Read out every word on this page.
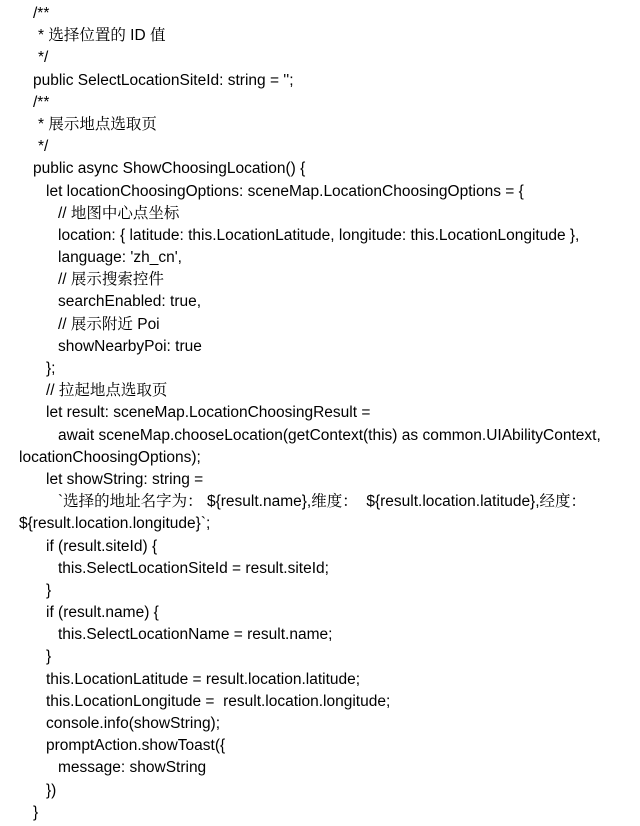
/**
* 选择位置的 ID 值
*/
public SelectLocationSiteId: string = '';
/**
* 展示地点选取页
*/
public async ShowChoosingLocation() {
let locationChoosingOptions: sceneMap.LocationChoosingOptions = {
// 地图中心点坐标
location: { latitude: this.LocationLatitude, longitude: this.LocationLongitude },
language: 'zh_cn',
// 展示搜索控件
searchEnabled: true,
// 展示附近 Poi
showNearbyPoi: true
};
// 拉起地点选取页
let result: sceneMap.LocationChoosingResult =
await sceneMap.chooseLocation(getContext(this) as common.UIAbilityContext,
locationChoosingOptions);
let showString: string =
`选择的地址名字为： ${result.name},维度：  ${result.location.latitude},经度：
${result.location.longitude}`;
if (result.siteId) {
this.SelectLocationSiteId = result.siteId;
}
if (result.name) {
this.SelectLocationName = result.name;
}
this.LocationLatitude = result.location.latitude;
this.LocationLongitude =  result.location.longitude;
console.info(showString);
promptAction.showToast({
message: showString
})
}
